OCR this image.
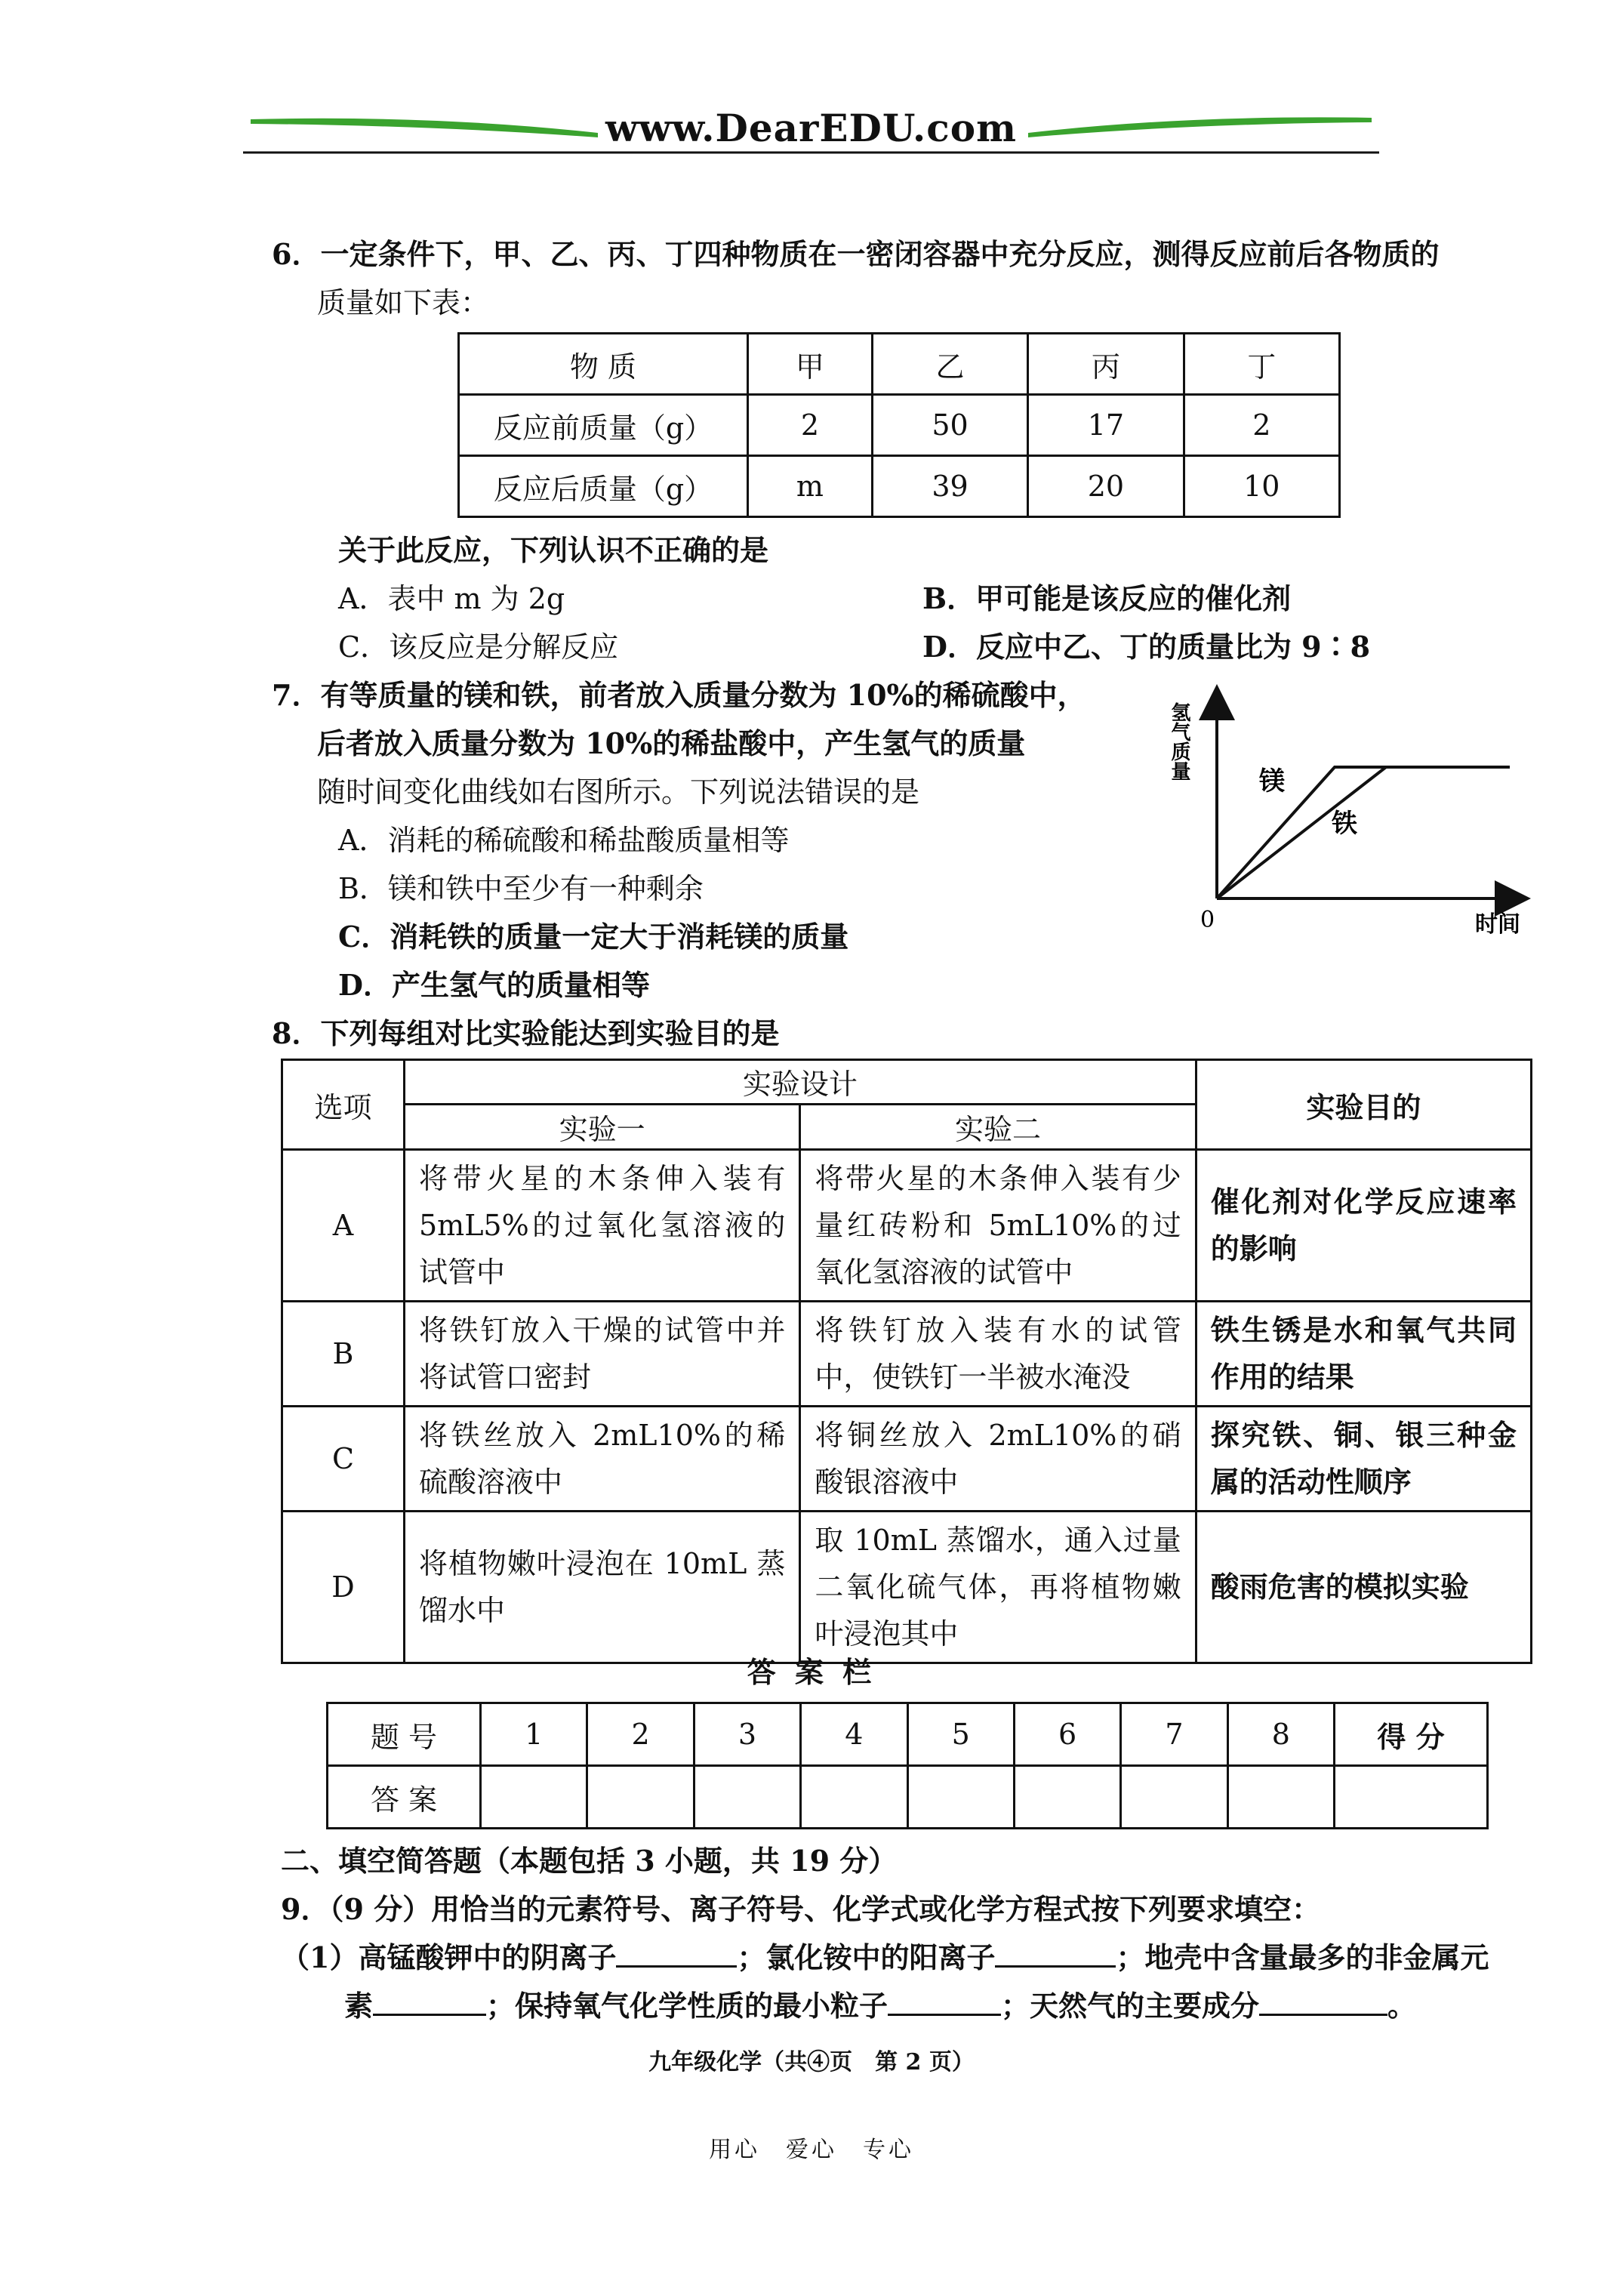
www.DearEDU.com
6．一定条件下，甲、乙、丙、丁四种物质在一密闭容器中充分反应，测得反应前后各物质的
质量如下表：
物 质	甲	乙	丙	丁
反应前质量（g）	2	50	17	2
反应后质量（g）	m	39	20	10
关于此反应，下列认识不正确的是
A．表中 m 为 2g	B．甲可能是该反应的催化剂
C．该反应是分解反应	D．反应中乙、丁的质量比为 9∶8
7．有等质量的镁和铁，前者放入质量分数为 10%的稀硫酸中，
后者放入质量分数为 10%的稀盐酸中，产生氢气的质量
随时间变化曲线如右图所示。下列说法错误的是
A．消耗的稀硫酸和稀盐酸质量相等
B．镁和铁中至少有一种剩余
C．消耗铁的质量一定大于消耗镁的质量
D．产生氢气的质量相等
氢气质量
0	时间
镁
铁
8．下列每组对比实验能达到实验目的是
选项	实验设计		实验目的
	实验一	实验二	
A	将带火星的木条伸入装有 5mL5%的过氧化氢溶液的试管中	将带火星的木条伸入装有少量红砖粉和 5mL10%的过氧化氢溶液的试管中	催化剂对化学反应速率的影响
B	将铁钉放入干燥的试管中并将试管口密封	将铁钉放入装有水的试管中，使铁钉一半被水淹没	铁生锈是水和氧气共同作用的结果
C	将铁丝放入 2mL10%的稀硫酸溶液中	将铜丝放入 2mL10%的硝酸银溶液中	探究铁、铜、银三种金属的活动性顺序
D	将植物嫩叶浸泡在 10mL 蒸馏水中	取 10mL 蒸馏水，通入过量二氧化硫气体，再将植物嫩叶浸泡其中	酸雨危害的模拟实验
答 案 栏
题 号	1	2	3	4	5	6	7	8	得 分
答 案									
二、填空简答题（本题包括 3 小题，共 19 分）
9．（9 分）用恰当的元素符号、离子符号、化学式或化学方程式按下列要求填空：
（1）高锰酸钾中的阴离子	；氯化铵中的阳离子	；地壳中含量最多的非金属元
素	；保持氧气化学性质的最小粒子	；天然气的主要成分	。
九年级化学（共④页　第 2 页）
用心　爱心　专心
